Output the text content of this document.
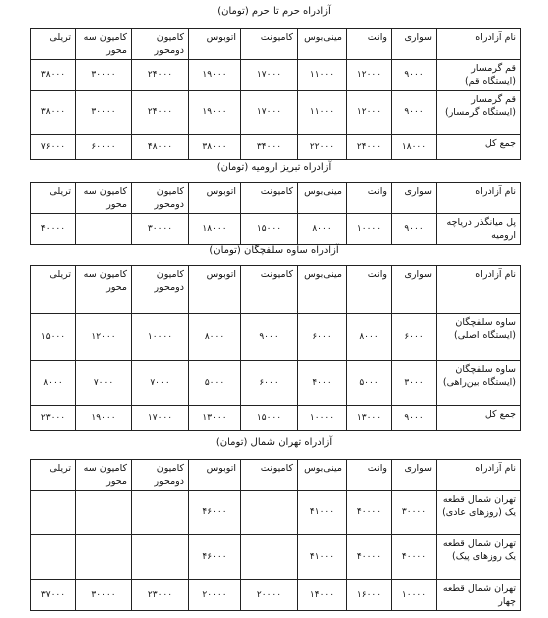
آزادراه حرم تا حرم (تومان)
نام آزادراه	سواری	وانت	مینی‌بوس	کامیونت	اتوبوس	کامیون دومحور	کامیون سه محور	تریلی
قم گرمسار (ایستگاه قم)	۹۰۰۰	۱۲۰۰۰	۱۱۰۰۰	۱۷۰۰۰	۱۹۰۰۰	۲۴۰۰۰	۳۰۰۰۰	۳۸۰۰۰
قم گرمسار (ایستگاه گرمسار)	۹۰۰۰	۱۲۰۰۰	۱۱۰۰۰	۱۷۰۰۰	۱۹۰۰۰	۲۴۰۰۰	۳۰۰۰۰	۳۸۰۰۰
جمع کل	۱۸۰۰۰	۲۴۰۰۰	۲۲۰۰۰	۳۴۰۰۰	۳۸۰۰۰	۴۸۰۰۰	۶۰۰۰۰	۷۶۰۰۰
آزادراه تبریز ارومیه (تومان)
نام آزادراه	سواری	وانت	مینی‌بوس	کامیونت	اتوبوس	کامیون دومحور	کامیون سه محور	تریلی
پل میانگذر دریاچه ارومیه	۹۰۰۰	۱۰۰۰۰	۸۰۰۰	۱۵۰۰۰	۱۸۰۰۰	۳۰۰۰۰		۴۰۰۰۰
آزادراه ساوه سلفچگان (تومان)
نام آزادراه	سواری	وانت	مینی‌بوس	کامیونت	اتوبوس	کامیون دومحور	کامیون سه محور	تریلی
ساوه سلفچگان (ایستگاه اصلی)	۶۰۰۰	۸۰۰۰	۶۰۰۰	۹۰۰۰	۸۰۰۰	۱۰۰۰۰	۱۲۰۰۰	۱۵۰۰۰
ساوه سلفچگان (ایستگاه بین‌راهی)	۳۰۰۰	۵۰۰۰	۴۰۰۰	۶۰۰۰	۵۰۰۰	۷۰۰۰	۷۰۰۰	۸۰۰۰
جمع کل	۹۰۰۰	۱۳۰۰۰	۱۰۰۰۰	۱۵۰۰۰	۱۳۰۰۰	۱۷۰۰۰	۱۹۰۰۰	۲۳۰۰۰
آزادراه تهران شمال (تومان)
نام آزادراه	سواری	وانت	مینی‌بوس	کامیونت	اتوبوس	کامیون دومحور	کامیون سه محور	تریلی
تهران شمال قطعه یک (روزهای عادی)	۳۰۰۰۰	۴۰۰۰۰	۴۱۰۰۰		۴۶۰۰۰			
تهران شمال قطعه یک روزهای پیک)	۴۰۰۰۰	۴۰۰۰۰	۴۱۰۰۰		۴۶۰۰۰			
تهران شمال قطعه چهار	۱۰۰۰۰	۱۶۰۰۰	۱۴۰۰۰	۲۰۰۰۰	۲۰۰۰۰	۲۳۰۰۰	۳۰۰۰۰	۳۷۰۰۰
